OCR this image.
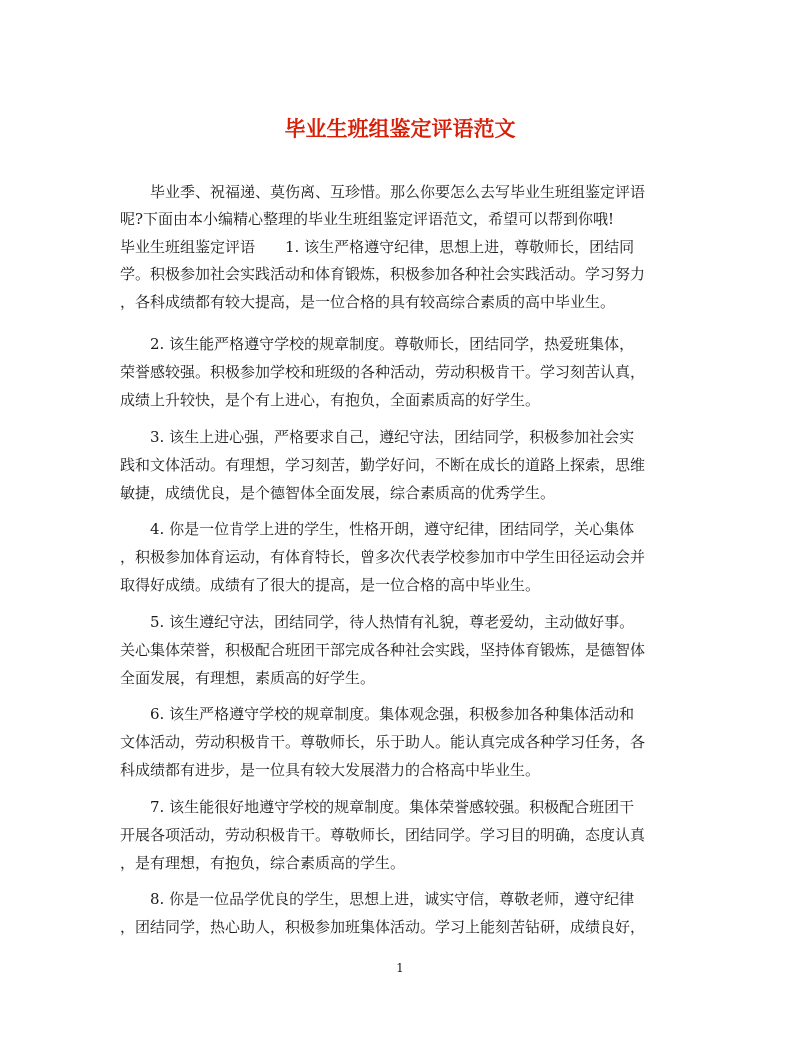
毕业生班组鉴定评语范文
　　毕业季、祝福递、莫伤离、互珍惜。那么你要怎么去写毕业生班组鉴定评语
呢?下面由本小编精心整理的毕业生班组鉴定评语范文，希望可以帮到你哦!
毕业生班组鉴定评语　　1. 该生严格遵守纪律，思想上进，尊敬师长，团结同
学。积极参加社会实践活动和体育锻炼，积极参加各种社会实践活动。学习努力
，各科成绩都有较大提高，是一位合格的具有较高综合素质的高中毕业生。
　　2. 该生能严格遵守学校的规章制度。尊敬师长，团结同学，热爱班集体，
荣誉感较强。积极参加学校和班级的各种活动，劳动积极肯干。学习刻苦认真，
成绩上升较快，是个有上进心，有抱负，全面素质高的好学生。
　　3. 该生上进心强，严格要求自己，遵纪守法，团结同学，积极参加社会实
践和文体活动。有理想，学习刻苦，勤学好问，不断在成长的道路上探索，思维
敏捷，成绩优良，是个德智体全面发展，综合素质高的优秀学生。
　　4. 你是一位肯学上进的学生，性格开朗，遵守纪律，团结同学，关心集体
，积极参加体育运动，有体育特长，曾多次代表学校参加市中学生田径运动会并
取得好成绩。成绩有了很大的提高，是一位合格的高中毕业生。
　　5. 该生遵纪守法，团结同学，待人热情有礼貌，尊老爱幼，主动做好事。
关心集体荣誉，积极配合班团干部完成各种社会实践，坚持体育锻炼，是德智体
全面发展，有理想，素质高的好学生。
　　6. 该生严格遵守学校的规章制度。集体观念强，积极参加各种集体活动和
文体活动，劳动积极肯干。尊敬师长，乐于助人。能认真完成各种学习任务，各
科成绩都有进步，是一位具有较大发展潜力的合格高中毕业生。
　　7. 该生能很好地遵守学校的规章制度。集体荣誉感较强。积极配合班团干
开展各项活动，劳动积极肯干。尊敬师长，团结同学。学习目的明确，态度认真
，是有理想，有抱负，综合素质高的学生。
　　8. 你是一位品学优良的学生，思想上进，诚实守信，尊敬老师，遵守纪律
，团结同学，热心助人，积极参加班集体活动。学习上能刻苦钻研，成绩良好，
1
